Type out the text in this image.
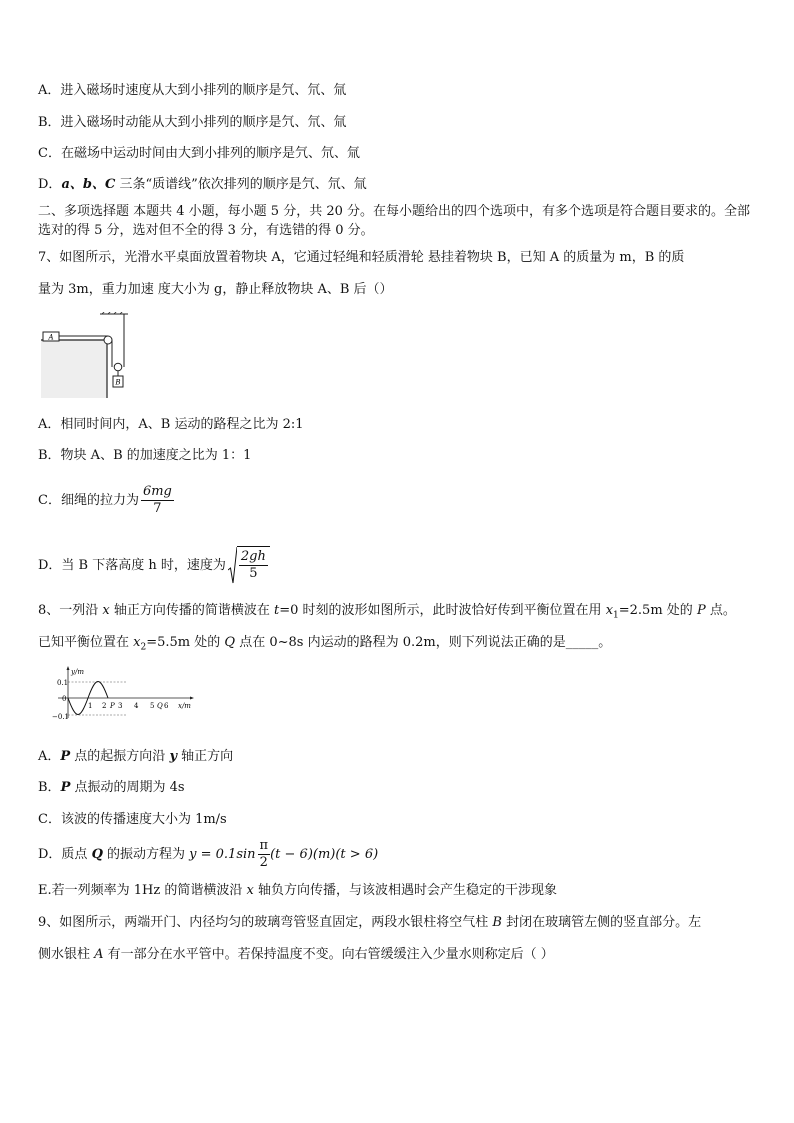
A．进入磁场时速度从大到小排列的顺序是氕、氘、氚
B．进入磁场时动能从大到小排列的顺序是氕、氘、氚
C．在磁场中运动时间由大到小排列的顺序是氕、氘、氚
D．a、b、C 三条“质谱线”依次排列的顺序是氕、氘、氚
二、多项选择题 本题共 4 小题，每小题 5 分，共 20 分。在每小题给出的四个选项中，有多个选项是符合题目要求的。全部选对的得 5 分，选对但不全的得 3 分，有选错的得 0 分。
7、如图所示，光滑水平桌面放置着物块 A，它通过轻绳和轻质滑轮 悬挂着物块 B，已知 A 的质量为 m，B 的质
量为 3m，重力加速 度大小为 g，静止释放物块 A、B 后（）
A
B
A．相同时间内，A、B 运动的路程之比为 2:1
B．物块 A、B 的加速度之比为 1：1
C．细绳的拉力为 $\frac{6mg}{7}$
D．当 B 下落高度 h 时，速度为 $\frac{2gh}{5}$
8、一列沿 x 轴正方向传播的简谐横波在 t=0 时刻的波形如图所示，此时波恰好传到平衡位置在用 $x_1=2.5m$ 处的 P 点。
已知平衡位置在 $x_2=5.5m$ 处的 Q 点在 0~8s 内运动的路程为 0.2m，则下列说法正确的是_____。
y/m
x/m
0.1
0
−0.1
1 2 P 3 4 5 Q 6
A．P 点的起振方向沿 y 轴正方向
B．P 点振动的周期为 4s
C．该波的传播速度大小为 1m/s
D．质点 Q 的振动方程为 $y = 0.1\sin \frac{\pi}{2} (t - 6)(m)(t > 6)$
E.若一列频率为 1Hz 的简谐横波沿 x 轴负方向传播，与该波相遇时会产生稳定的干涉现象
9、如图所示，两端开门、内径均匀的玻璃弯管竖直固定，两段水银柱将空气柱 B 封闭在玻璃管左侧的竖直部分。左
侧水银柱 A 有一部分在水平管中。若保持温度不变。向右管缓缓注入少量水则称定后（ ）
